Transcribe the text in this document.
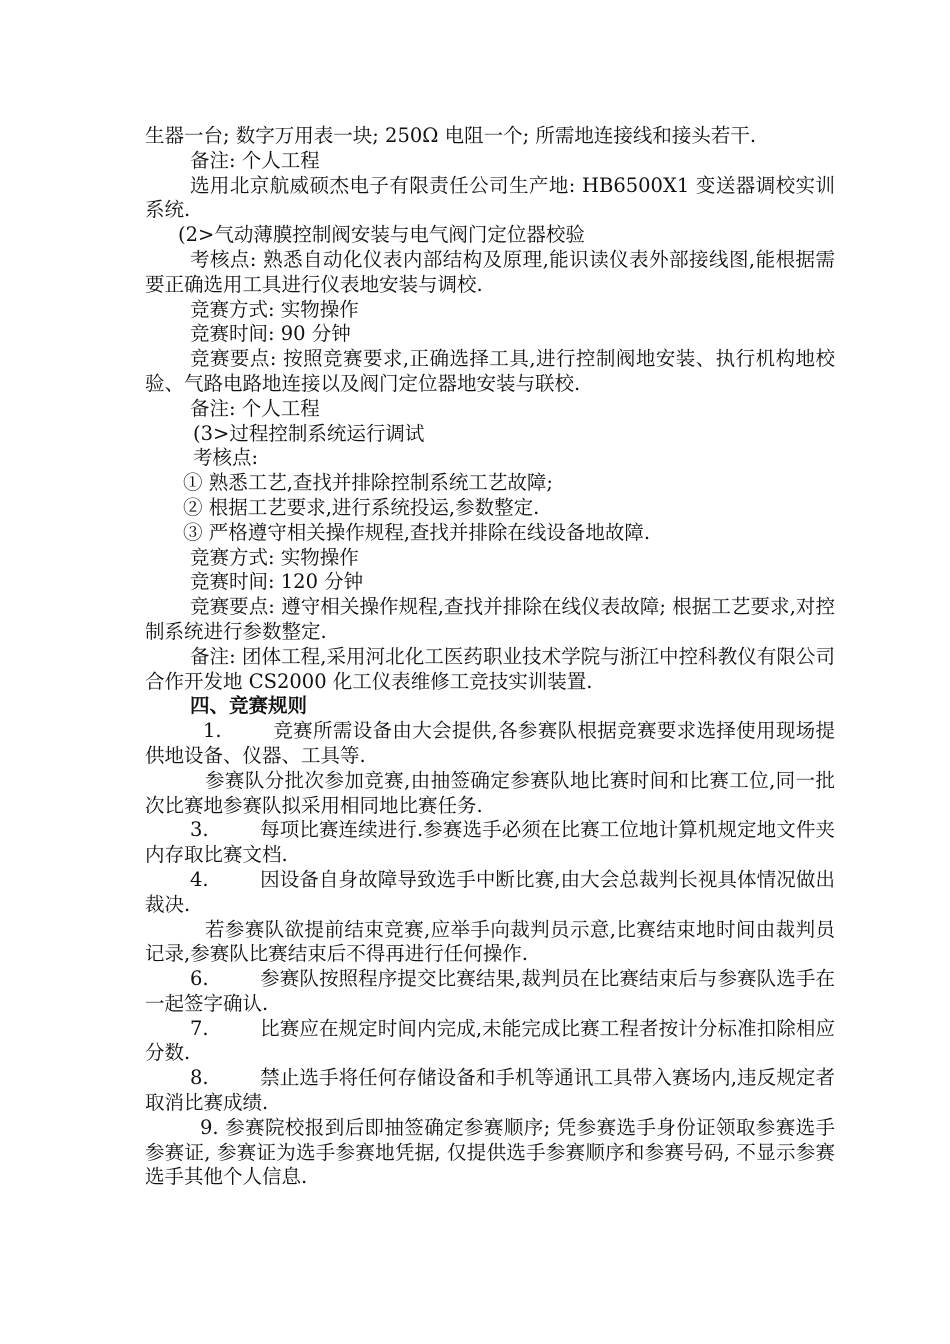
生器一台; 数字万用表一块; 250Ω 电阻一个; 所需地连接线和接头若干.

备注: 个人工程

选用北京航威硕杰电子有限责任公司生产地: HB6500X1 变送器调校实训系统.

(2>气动薄膜控制阀安装与电气阀门定位器校验

考核点: 熟悉自动化仪表内部结构及原理,能识读仪表外部接线图,能根据需要正确选用工具进行仪表地安装与调校.

竞赛方式: 实物操作

竞赛时间: 90 分钟

竞赛要点: 按照竞赛要求,正确选择工具,进行控制阀地安装、执行机构地校验、气路电路地连接以及阀门定位器地安装与联校.

备注: 个人工程

(3>过程控制系统运行调试

考核点:

① 熟悉工艺,查找并排除控制系统工艺故障;

② 根据工艺要求,进行系统投运,参数整定.

③ 严格遵守相关操作规程,查找并排除在线设备地故障.

竞赛方式: 实物操作

竞赛时间: 120 分钟

竞赛要点: 遵守相关操作规程,查找并排除在线仪表故障; 根据工艺要求,对控制系统进行参数整定.

备注: 团体工程,采用河北化工医药职业技术学院与浙江中控科教仪有限公司合作开发地 CS2000 化工仪表维修工竞技实训装置.

四、竞赛规则

1.	竞赛所需设备由大会提供,各参赛队根据竞赛要求选择使用现场提供地设备、仪器、工具等.

参赛队分批次参加竞赛,由抽签确定参赛队地比赛时间和比赛工位,同一批次比赛地参赛队拟采用相同地比赛任务.

3.	每项比赛连续进行.参赛选手必须在比赛工位地计算机规定地文件夹内存取比赛文档.

4.	因设备自身故障导致选手中断比赛,由大会总裁判长视具体情况做出裁决.

若参赛队欲提前结束竞赛,应举手向裁判员示意,比赛结束地时间由裁判员记录,参赛队比赛结束后不得再进行任何操作.

6.	参赛队按照程序提交比赛结果,裁判员在比赛结束后与参赛队选手在一起签字确认.

7.	比赛应在规定时间内完成,未能完成比赛工程者按计分标准扣除相应分数.

8.	禁止选手将任何存储设备和手机等通讯工具带入赛场内,违反规定者取消比赛成绩.

9. 参赛院校报到后即抽签确定参赛顺序; 凭参赛选手身份证领取参赛选手参赛证, 参赛证为选手参赛地凭据, 仅提供选手参赛顺序和参赛号码, 不显示参赛选手其他个人信息.
